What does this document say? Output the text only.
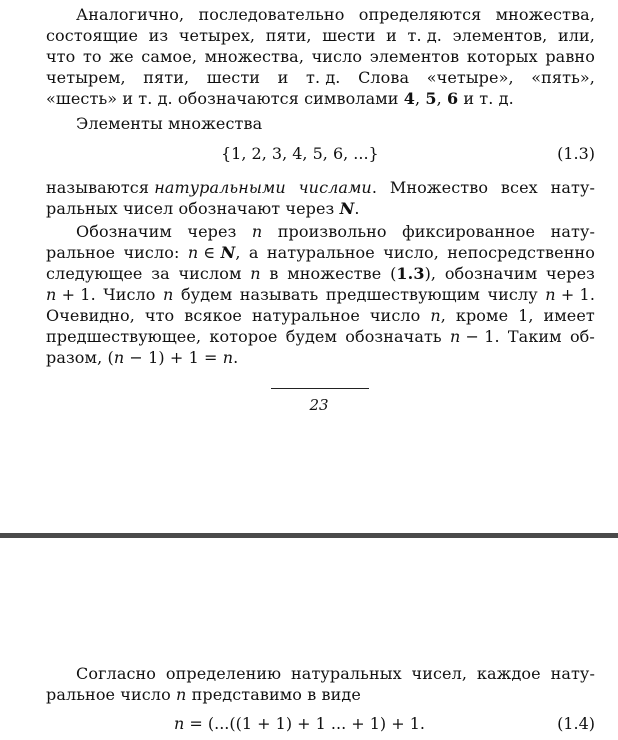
Аналогично, последовательно определяются множества,
состоящие из четырех, пяти, шести и т. д. элементов, или,
что то же самое, множества, число элементов которых равно
четырем, пяти, шести и т. д. Слова «четыре», «пять»,
«шесть» и т. д. обозначаются символами 4, 5, 6 и т. д.
Элементы множества
{1, 2, 3, 4, 5, 6, ...}	(1.3)
называются натуральными числами. Множество всех нату-
ральных чисел обозначают через N.
Обозначим через n произвольно фиксированное нату-
ральное число: n ∈ N, а натуральное число, непосредственно
следующее за числом n в множестве (1.3), обозначим через
n + 1. Число n будем называть предшествующим числу n + 1.
Очевидно, что всякое натуральное число n, кроме 1, имеет
предшествующее, которое будем обозначать n − 1. Таким об-
разом, (n − 1) + 1 = n.
23
Согласно определению натуральных чисел, каждое нату-
ральное число n представимо в виде
n = (...((1 + 1) + 1 ... + 1) + 1.	(1.4)
